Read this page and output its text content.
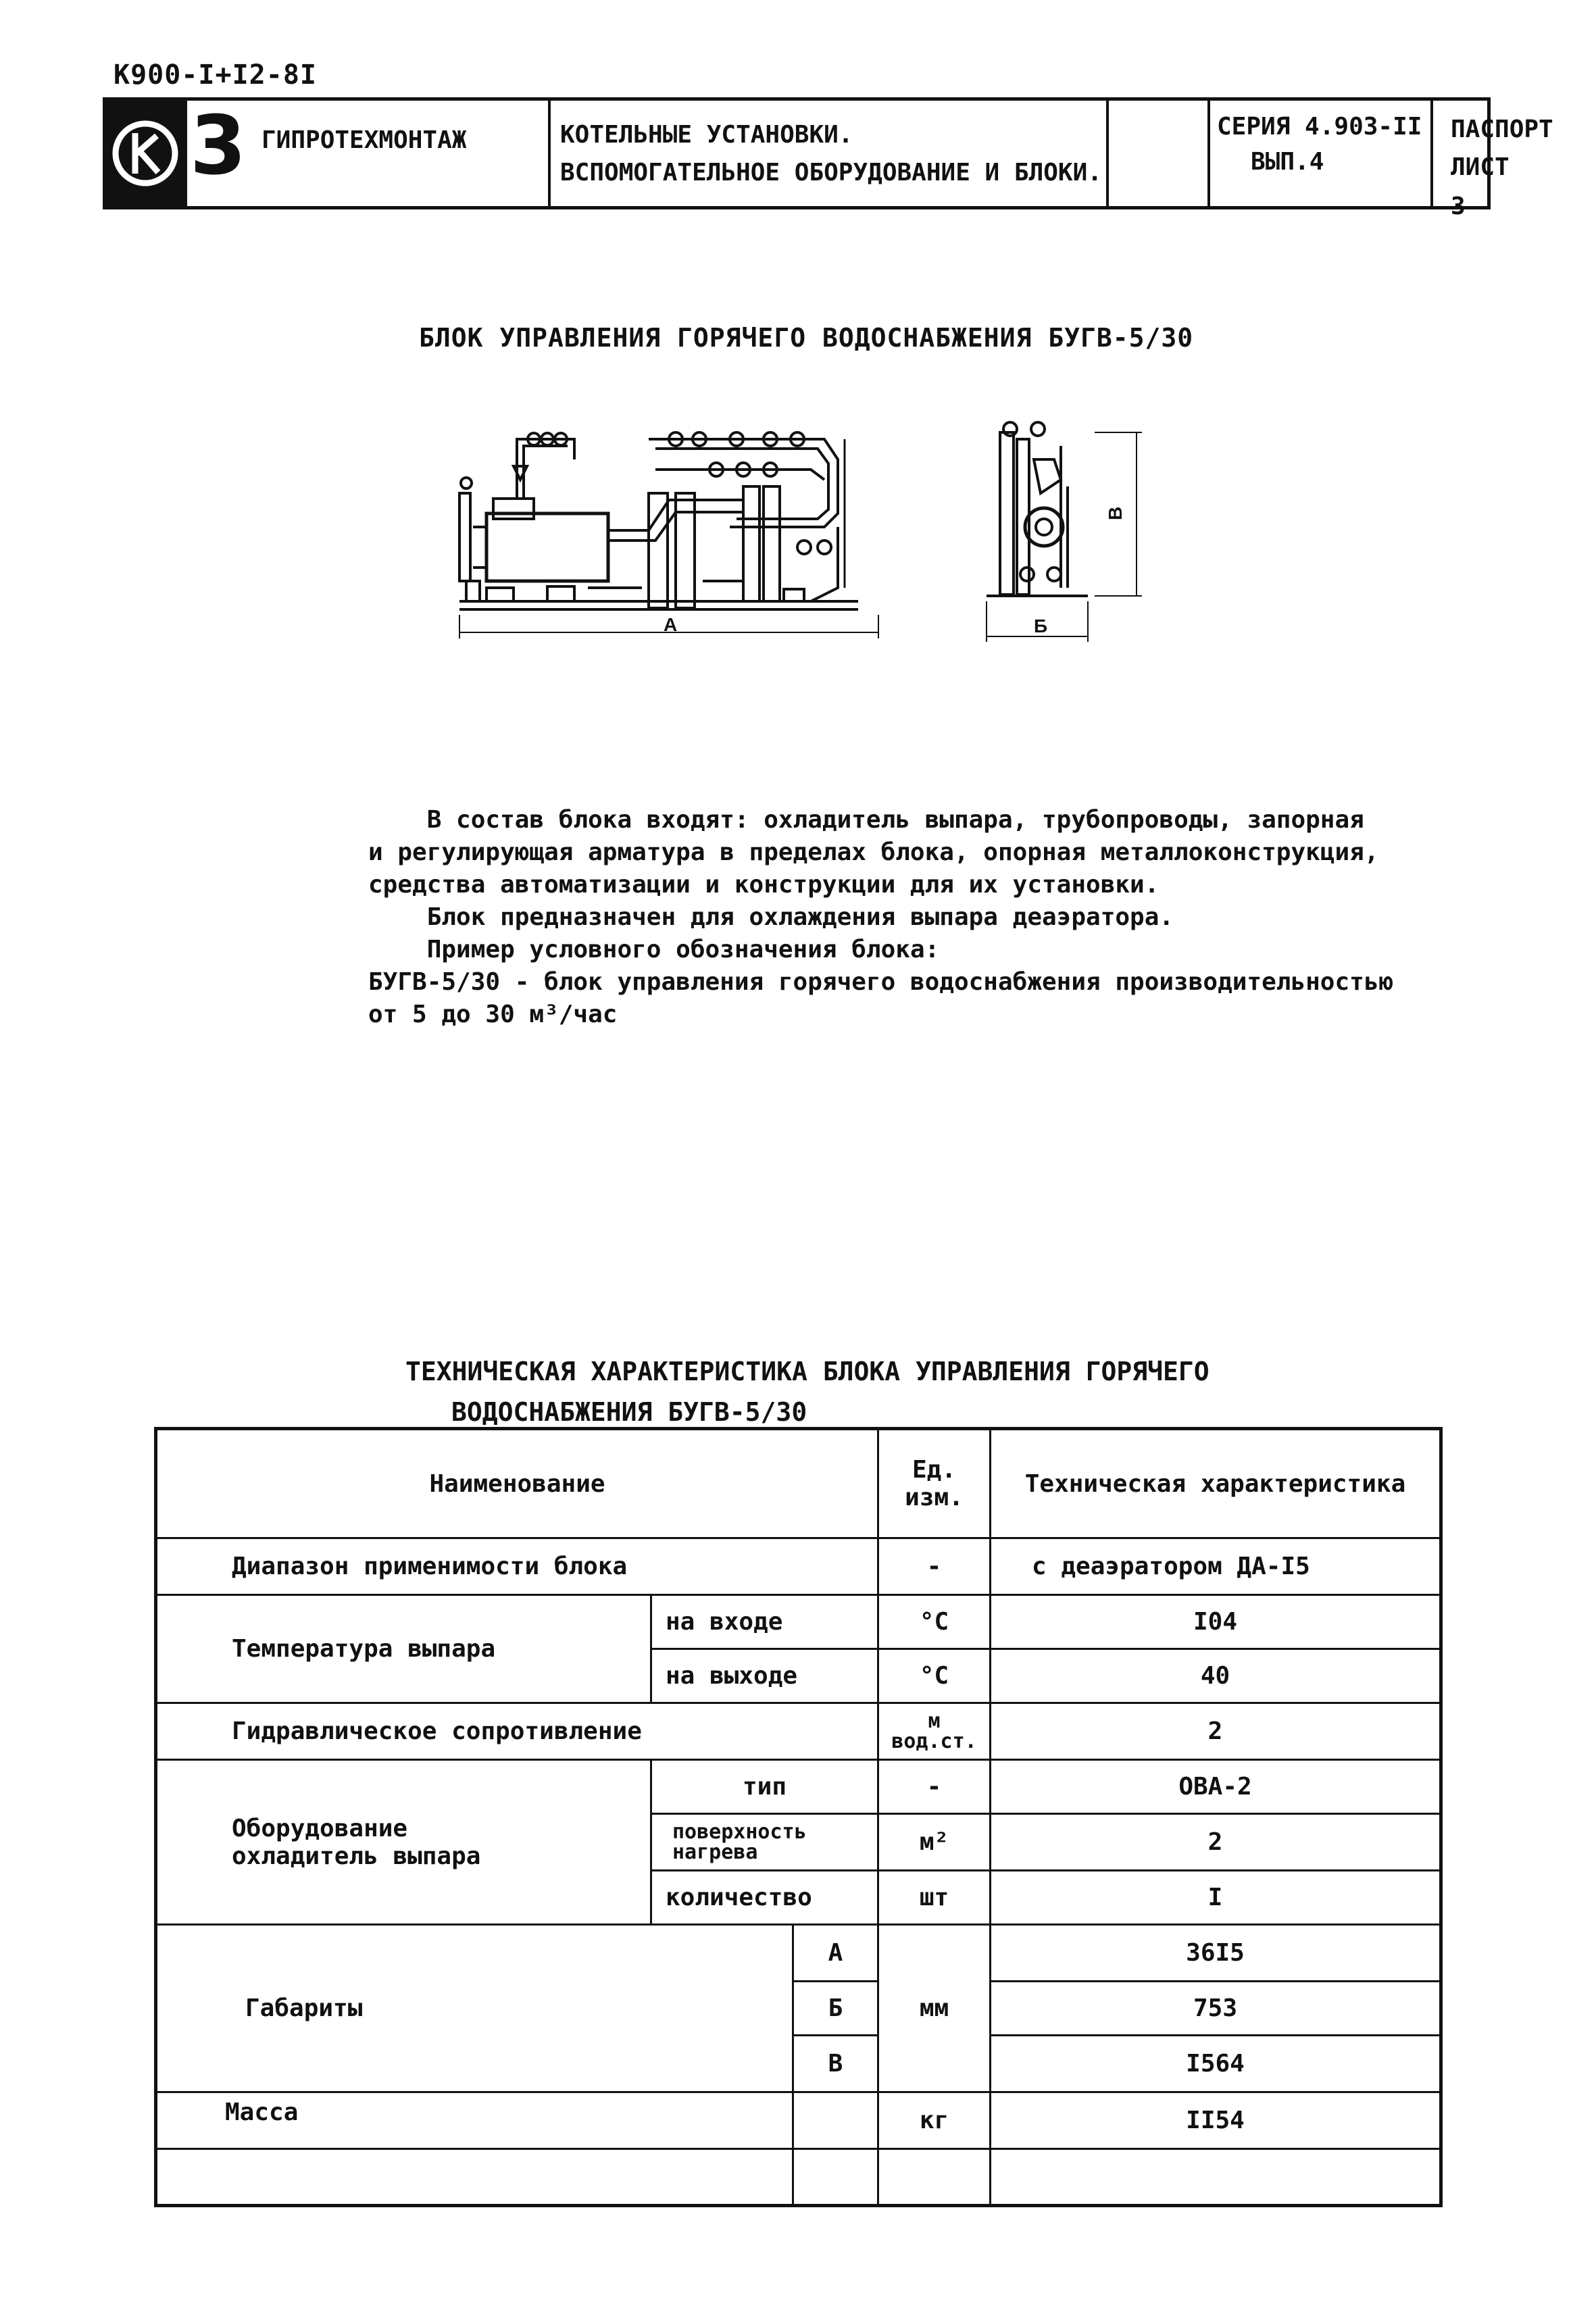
К900-I+I2-8I
3 ГИПРОТЕХМОНТАЖ	КОТЕЛЬНЫЕ УСТАНОВКИ.
ВСПОМОГАТЕЛЬНОЕ ОБОРУДОВАНИЕ И БЛОКИ.
СЕРИЯ 4.903-II
ВЫП.4
ПАСПОРТ
ЛИСТ 3
БЛОК УПРАВЛЕНИЯ ГОРЯЧЕГО ВОДОСНАБЖЕНИЯ БУГВ-5/30
А	Б
В

В состав блока входят: охладитель выпара, трубопроводы, запорная

и регулирующая арматура в пределах блока, опорная металлоконструкция,

средства автоматизации и конструкции для их установки.

Блок предназначен для охлаждения выпара деаэратора.

Пример условного обозначения блока:

БУГВ-5/30 - блок управления горячего водоснабжения производительностью

от 5 до 30 м³/час

ТЕХНИЧЕСКАЯ ХАРАКТЕРИСТИКА БЛОКА УПРАВЛЕНИЯ ГОРЯЧЕГО
ВОДОСНАБЖЕНИЯ БУГВ-5/30
Наименование			Ед.
изм.	Техническая характеристика
Диапазон применимости блока			-	с деаэратором ДА-I5
Температура выпара	на входе		°С	I04
	на выходе		°С	40
Гидравлическое сопротивление			м
вод.ст.	2

Оборудование
охладитель выпара	тип		-	ОВА-2

	поверхность
нагрева		м²	2
	количество		шт	I
Габариты		А	мм	36I5
		Б		753
		В		I564
Масса			кг	II54
